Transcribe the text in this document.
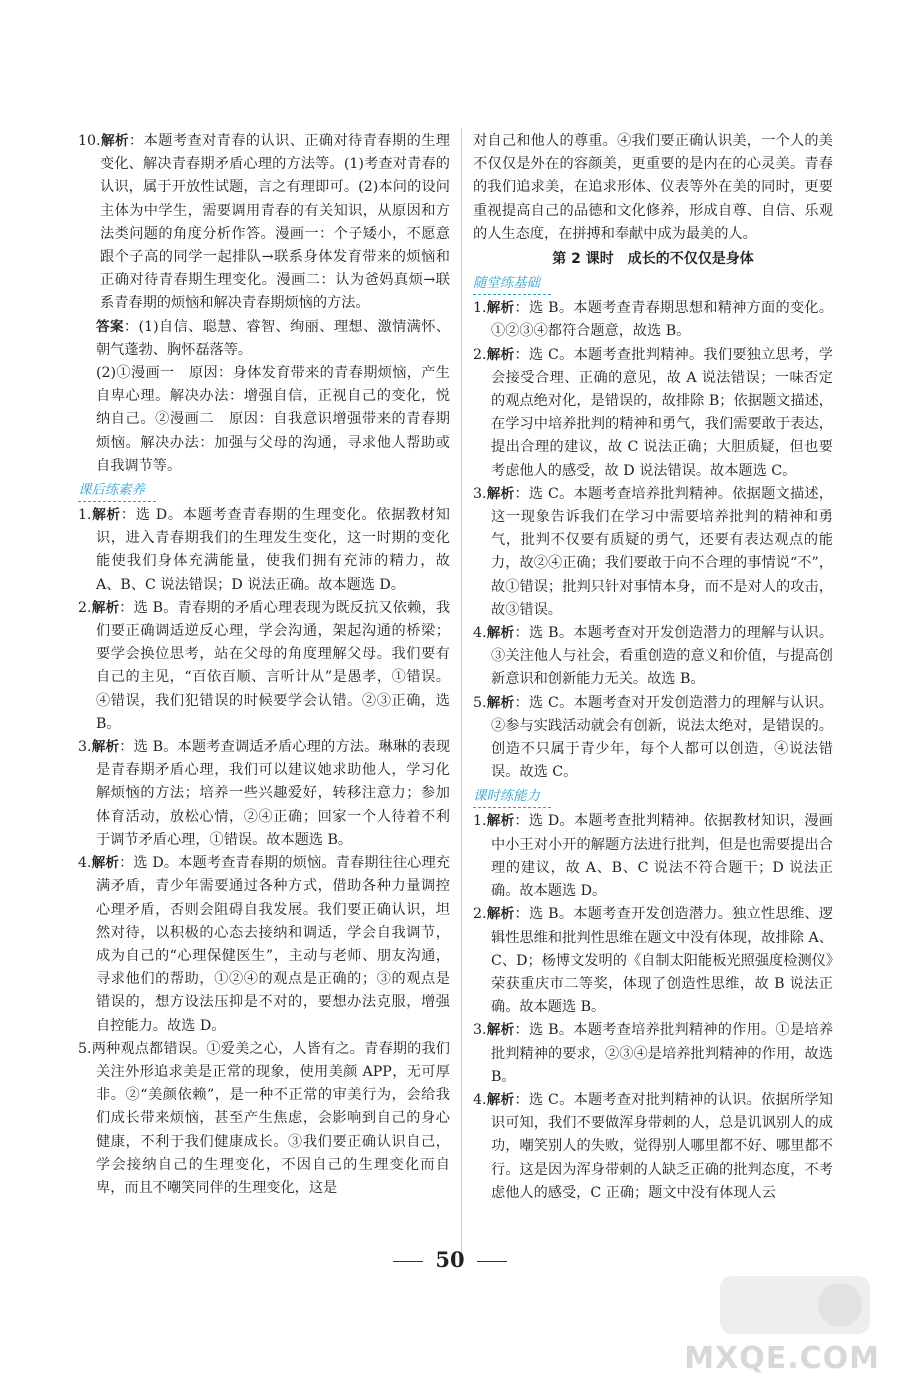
10.解析：本题考查对青春的认识、正确对待青春期的生理变化、解决青春期矛盾心理的方法等。(1)考查对青春的认识，属于开放性试题，言之有理即可。(2)本问的设问主体为中学生，需要调用青春的有关知识，从原因和方法类问题的角度分析作答。漫画一：个子矮小，不愿意跟个子高的同学一起排队→联系身体发育带来的烦恼和正确对待青春期生理变化。漫画二：认为爸妈真烦→联系青春期的烦恼和解决青春期烦恼的方法。
答案：(1)自信、聪慧、睿智、绚丽、理想、激情满怀、朝气蓬勃、胸怀磊落等。
(2)①漫画一　原因：身体发育带来的青春期烦恼，产生自卑心理。解决办法：增强自信，正视自己的变化，悦纳自己。②漫画二　原因：自我意识增强带来的青春期烦恼。解决办法：加强与父母的沟通，寻求他人帮助或自我调节等。
课后练素养
1.解析：选 D。本题考查青春期的生理变化。依据教材知识，进入青春期我们的生理发生变化，这一时期的变化能使我们身体充满能量，使我们拥有充沛的精力，故 A、B、C 说法错误；D 说法正确。故本题选 D。
2.解析：选 B。青春期的矛盾心理表现为既反抗又依赖，我们要正确调适逆反心理，学会沟通，架起沟通的桥梁；要学会换位思考，站在父母的角度理解父母。我们要有自己的主见，“百依百顺、言听计从”是愚孝，①错误。④错误，我们犯错误的时候要学会认错。②③正确，选 B。
3.解析：选 B。本题考查调适矛盾心理的方法。琳琳的表现是青春期矛盾心理，我们可以建议她求助他人，学习化解烦恼的方法；培养一些兴趣爱好，转移注意力；参加体育活动，放松心情，②④正确；回家一个人待着不利于调节矛盾心理，①错误。故本题选 B。
4.解析：选 D。本题考查青春期的烦恼。青春期往往心理充满矛盾，青少年需要通过各种方式，借助各种力量调控心理矛盾，否则会阻碍自我发展。我们要正确认识，坦然对待，以积极的心态去接纳和调适，学会自我调节，成为自己的“心理保健医生”，主动与老师、朋友沟通，寻求他们的帮助，①②④的观点是正确的；③的观点是错误的，想方设法压抑是不对的，要想办法克服，增强自控能力。故选 D。
5.两种观点都错误。①爱美之心，人皆有之。青春期的我们关注外形追求美是正常的现象，使用美颜 APP，无可厚非。②“美颜依赖”，是一种不正常的审美行为，会给我们成长带来烦恼，甚至产生焦虑，会影响到自己的身心健康，不利于我们健康成长。③我们要正确认识自己，学会接纳自己的生理变化，不因自己的生理变化而自卑，而且不嘲笑同伴的生理变化，这是
对自己和他人的尊重。④我们要正确认识美，一个人的美不仅仅是外在的容颜美，更重要的是内在的心灵美。青春的我们追求美，在追求形体、仪表等外在美的同时，更要重视提高自己的品德和文化修养，形成自尊、自信、乐观的人生态度，在拼搏和奉献中成为最美的人。
第 2 课时　成长的不仅仅是身体
随堂练基础
1.解析：选 B。本题考查青春期思想和精神方面的变化。①②③④都符合题意，故选 B。
2.解析：选 C。本题考查批判精神。我们要独立思考，学会接受合理、正确的意见，故 A 说法错误；一味否定的观点绝对化，是错误的，故排除 B；依据题文描述，在学习中培养批判的精神和勇气，我们需要敢于表达，提出合理的建议，故 C 说法正确；大胆质疑，但也要考虑他人的感受，故 D 说法错误。故本题选 C。
3.解析：选 C。本题考查培养批判精神。依据题文描述，这一现象告诉我们在学习中需要培养批判的精神和勇气，批判不仅要有质疑的勇气，还要有表达观点的能力，故②④正确；我们要敢于向不合理的事情说“不”，故①错误；批判只针对事情本身，而不是对人的攻击，故③错误。
4.解析：选 B。本题考查对开发创造潜力的理解与认识。③关注他人与社会，看重创造的意义和价值，与提高创新意识和创新能力无关。故选 B。
5.解析：选 C。本题考查对开发创造潜力的理解与认识。②参与实践活动就会有创新，说法太绝对，是错误的。创造不只属于青少年，每个人都可以创造，④说法错误。故选 C。
课时练能力
1.解析：选 D。本题考查批判精神。依据教材知识，漫画中小王对小开的解题方法进行批判，但是也需要提出合理的建议，故 A、B、C 说法不符合题干；D 说法正确。故本题选 D。
2.解析：选 B。本题考查开发创造潜力。独立性思维、逻辑性思维和批判性思维在题文中没有体现，故排除 A、C、D；杨博文发明的《自制太阳能板光照强度检测仪》荣获重庆市二等奖，体现了创造性思维，故 B 说法正确。故本题选 B。
3.解析：选 B。本题考查培养批判精神的作用。①是培养批判精神的要求，②③④是培养批判精神的作用，故选 B。
4.解析：选 C。本题考查对批判精神的认识。依据所学知识可知，我们不要做浑身带刺的人，总是讥讽别人的成功，嘲笑别人的失败，觉得别人哪里都不好、哪里都不行。这是因为浑身带刺的人缺乏正确的批判态度，不考虑他人的感受，C 正确；题文中没有体现人云
50
MXQE.COM
